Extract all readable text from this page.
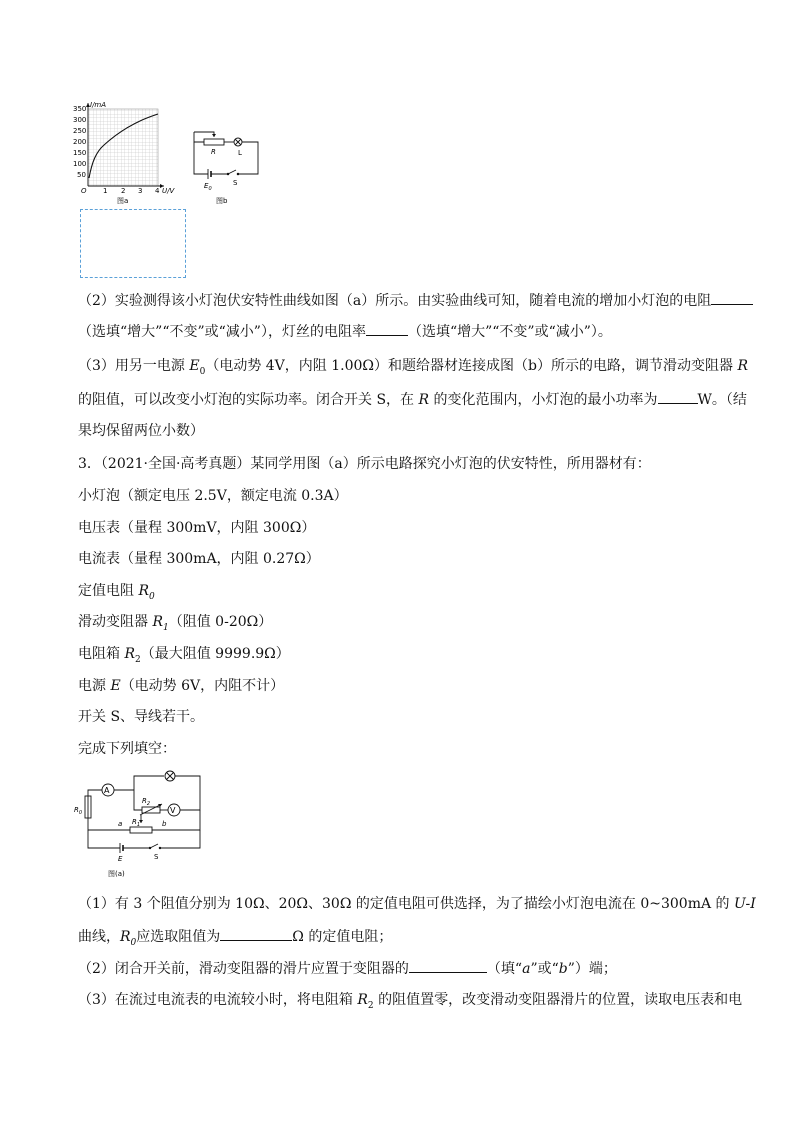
I/mA
350
300
250
200
150
100
50
O 1 2 3 4 U/V
图a
R	L
$E_0$
S
图b
（2）实验测得该小灯泡伏安特性曲线如图（a）所示。由实验曲线可知，随着电流的增加小灯泡的电阻
（选填“增大”“不变”或“减小”），灯丝的电阻率	（选填“增大”“不变”或“减小”）。
（3）用另一电源 $E_0$（电动势 4V，内阻 1.00Ω）和题给器材连接成图（b）所示的电路，调节滑动变阻器 R
的阻值，可以改变小灯泡的实际功率。闭合开关 S，在 R 的变化范围内，小灯泡的最小功率为	W。（结
果均保留两位小数）
3．（2021·全国·高考真题）某同学用图（a）所示电路探究小灯泡的伏安特性，所用器材有：
小灯泡（额定电压 2.5V，额定电流 0.3A）
电压表（量程 300mV，内阻 300Ω）
电流表（量程 300mA，内阻 0.27Ω）
定值电阻 $R_0$
滑动变阻器 $R_1$（阻值 0-20Ω）
电阻箱 $R_2$（最大阻值 9999.9Ω）
电源 E（电动势 6V，内阻不计）
开关 S、导线若干。
完成下列填空：
A
V
$R_0$
$R_2$
$R_1$
a	b
E	S
图(a)
（1）有 3 个阻值分别为 10Ω、20Ω、30Ω 的定值电阻可供选择，为了描绘小灯泡电流在 0~300mA 的 U-I
曲线，$R_0$应选取阻值为	Ω 的定值电阻；
（2）闭合开关前，滑动变阻器的滑片应置于变阻器的	（填“a”或“b”）端；
（3）在流过电流表的电流较小时，将电阻箱 $R_2$ 的阻值置零，改变滑动变阻器滑片的位置，读取电压表和电
